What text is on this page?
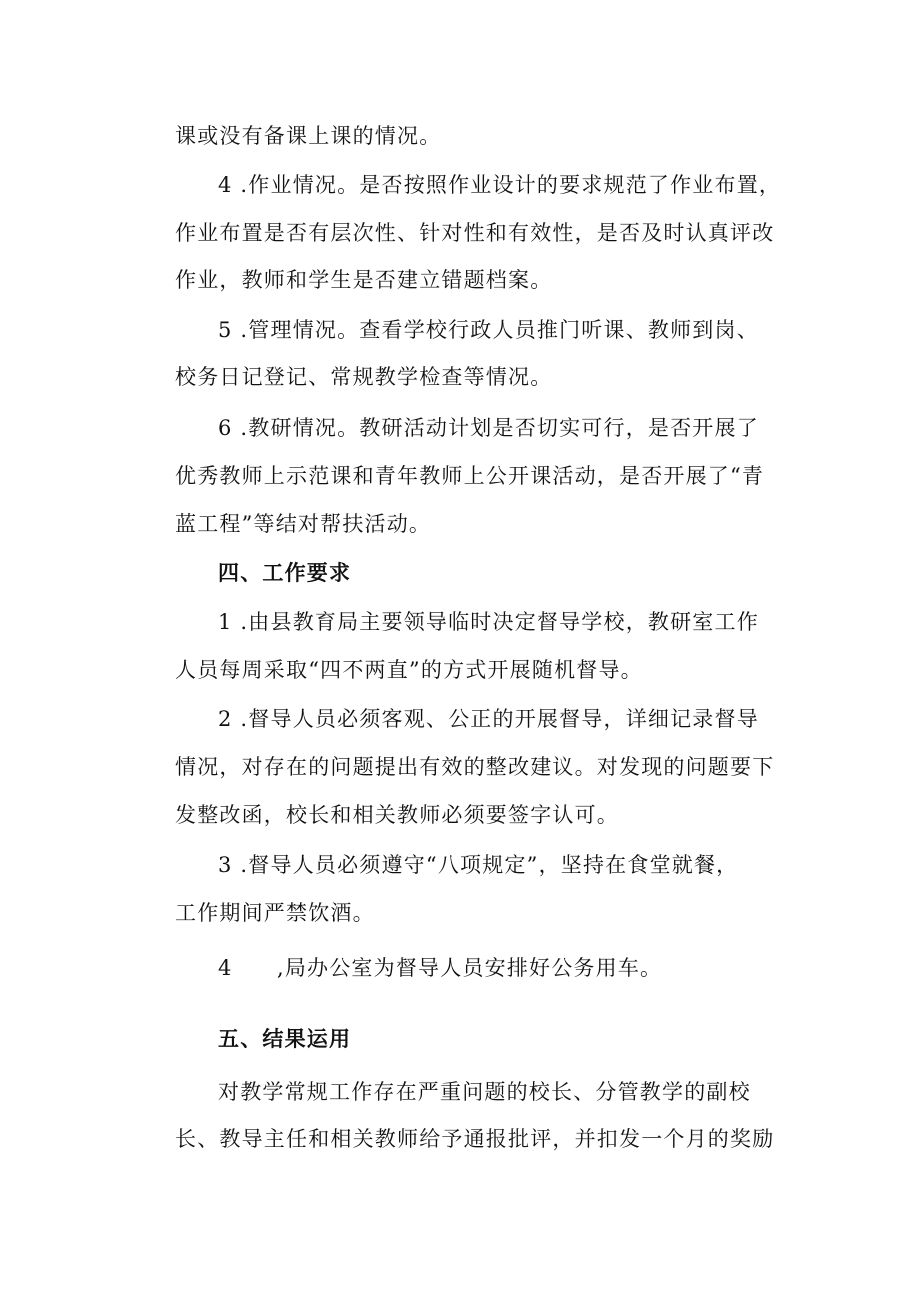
课或没有备课上课的情况。
4 .作业情况。是否按照作业设计的要求规范了作业布置，
作业布置是否有层次性、针对性和有效性，是否及时认真评改
作业，教师和学生是否建立错题档案。
5 .管理情况。查看学校行政人员推门听课、教师到岗、
校务日记登记、常规教学检查等情况。
6 .教研情况。教研活动计划是否切实可行，是否开展了
优秀教师上示范课和青年教师上公开课活动，是否开展了“青
蓝工程”等结对帮扶活动。
四、工作要求
1 .由县教育局主要领导临时决定督导学校，教研室工作
人员每周采取“四不两直”的方式开展随机督导。
2 .督导人员必须客观、公正的开展督导，详细记录督导
情况，对存在的问题提出有效的整改建议。对发现的问题要下
发整改函，校长和相关教师必须要签字认可。
3 .督导人员必须遵守“八项规定”，坚持在食堂就餐，
工作期间严禁饮酒。
4　　,局办公室为督导人员安排好公务用车。
五、结果运用
对教学常规工作存在严重问题的校长、分管教学的副校
长、教导主任和相关教师给予通报批评，并扣发一个月的奖励
